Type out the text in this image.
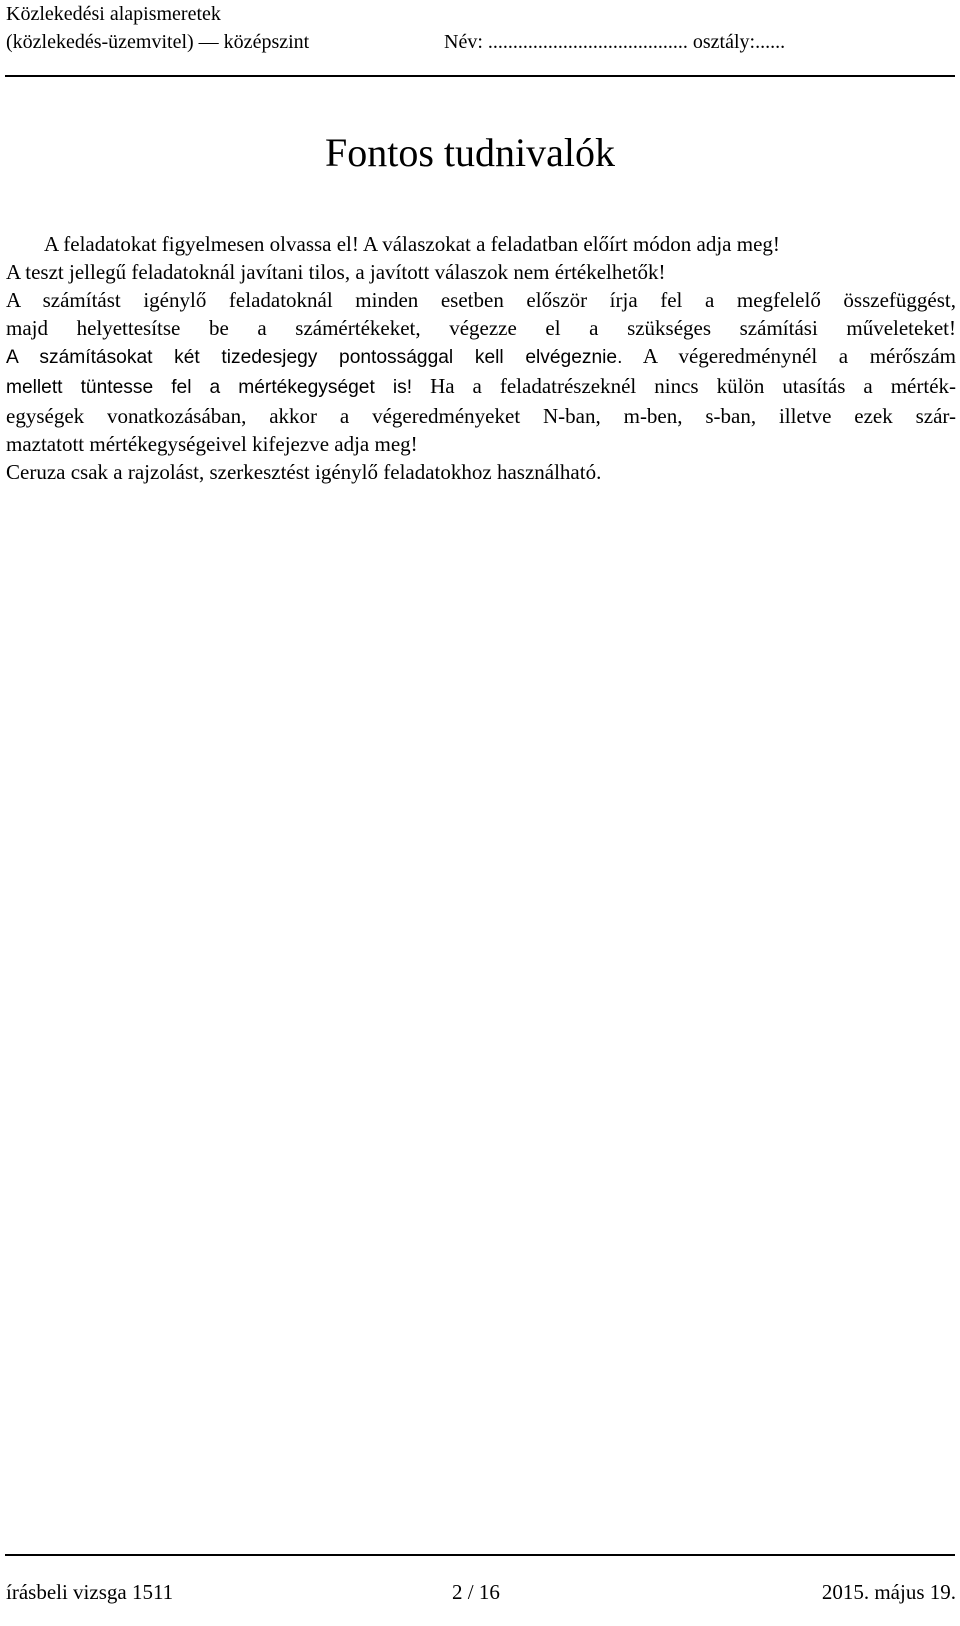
Közlekedési alapismeretek
(közlekedés-üzemvitel) — középszint	Név: ........................................ osztály:......
Fontos tudnivalók
A feladatokat figyelmesen olvassa el! A válaszokat a feladatban előírt módon adja meg!
A teszt jellegű feladatoknál javítani tilos, a javított válaszok nem értékelhetők!
A számítást igénylő feladatoknál minden esetben először írja fel a megfelelő összefüggést,
majd helyettesítse be a számértékeket, végezze el a szükséges számítási műveleteket!
A számításokat két tizedesjegy pontossággal kell elvégeznie. A végeredménynél a mérőszám
mellett tüntesse fel a mértékegységet is! Ha a feladatrészeknél nincs külön utasítás a mérték-
egységek vonatkozásában, akkor a végeredményeket N-ban, m-ben, s-ban, illetve ezek szár-
maztatott mértékegységeivel kifejezve adja meg!
Ceruza csak a rajzolást, szerkesztést igénylő feladatokhoz használható.
írásbeli vizsga 1511	2 / 16	2015. május 19.
